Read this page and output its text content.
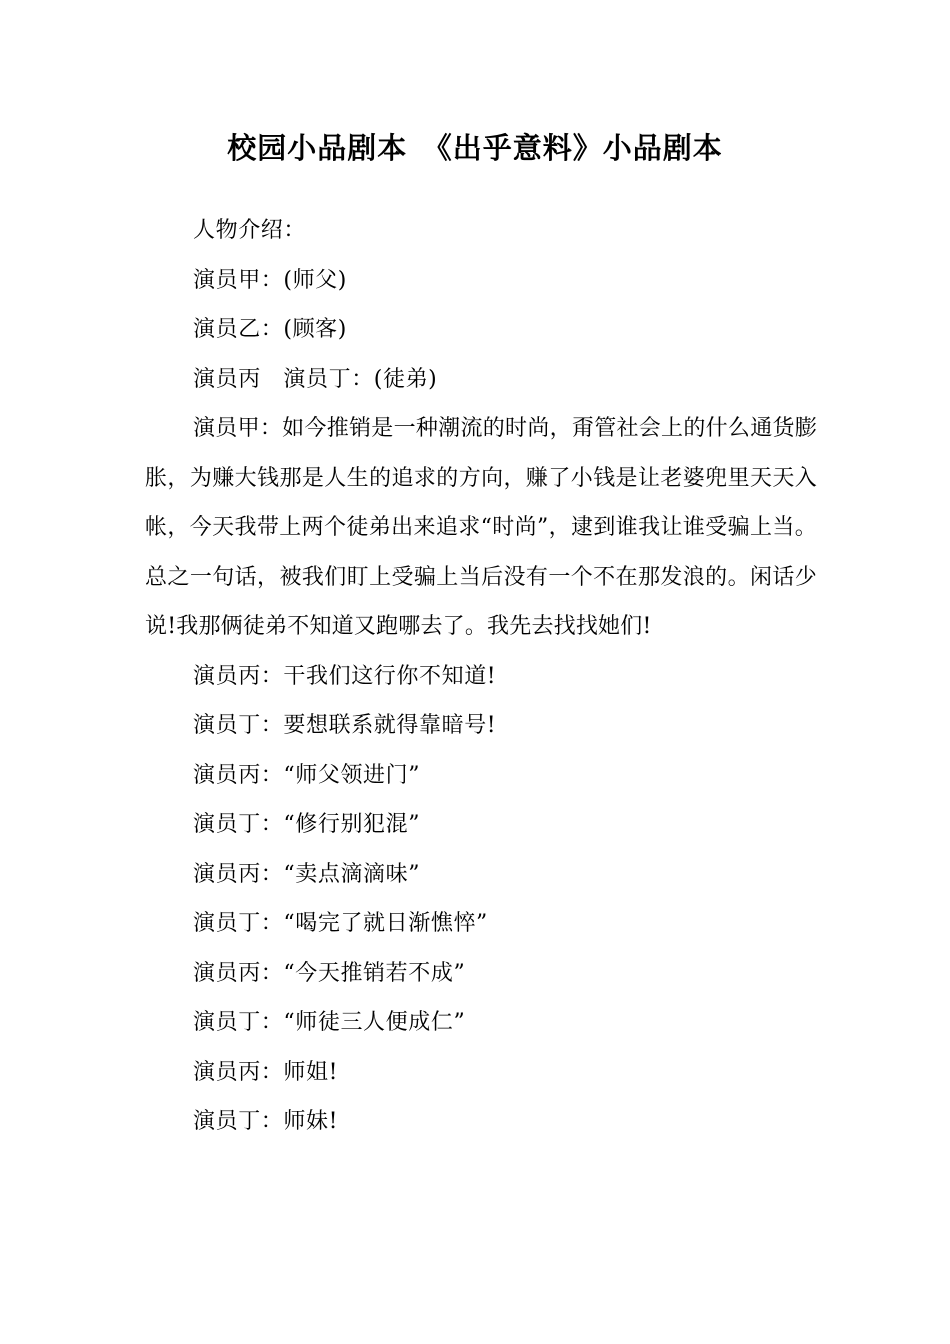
校园小品剧本　《出乎意料》小品剧本

人物介绍：

演员甲：(师父)

演员乙：(顾客)

演员丙　演员丁：(徒弟)

演员甲：如今推销是一种潮流的时尚，甭管社会上的什么通货膨胀，为赚大钱那是人生的追求的方向，赚了小钱是让老婆兜里天天入帐，今天我带上两个徒弟出来追求“时尚”，逮到谁我让谁受骗上当。总之一句话，被我们盯上受骗上当后没有一个不在那发浪的。闲话少说!我那俩徒弟不知道又跑哪去了。我先去找找她们!

演员丙：干我们这行你不知道!

演员丁：要想联系就得靠暗号!

演员丙：“师父领进门”

演员丁：“修行别犯混”

演员丙：“卖点滴滴味”

演员丁：“喝完了就日渐憔悴”

演员丙：“今天推销若不成”

演员丁：“师徒三人便成仁”

演员丙：师姐!

演员丁：师妹!
